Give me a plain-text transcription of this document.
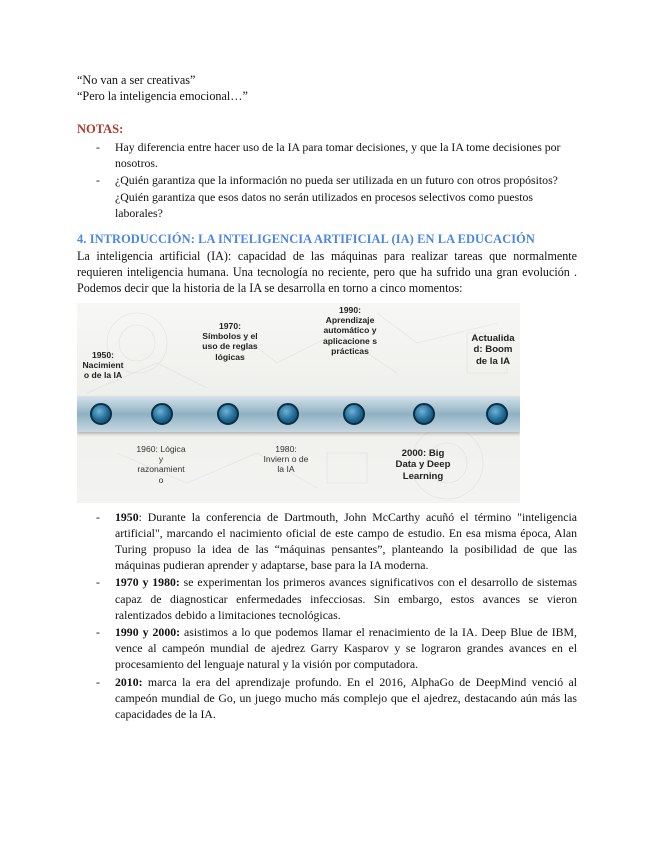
“No van a ser creativas”

“Pero la inteligencia emocional…”

NOTAS:
- Hay diferencia entre hacer uso de la IA para tomar decisiones, y que la IA tome decisiones por nosotros.
- ¿Quién garantiza que la información no pueda ser utilizada en un futuro con otros propósitos? ¿Quién garantiza que esos datos no serán utilizados en procesos selectivos como puestos laborales?
4. INTRODUCCIÓN: LA INTELIGENCIA ARTIFICIAL (IA) EN LA EDUCACIÓN

La inteligencia artificial (IA): capacidad de las máquinas para realizar tareas que normalmente requieren inteligencia humana. Una tecnología no reciente, pero que ha sufrido una gran evolución . Podemos decir que la historia de la IA se desarrolla en torno a cinco momentos:

1950: Nacimient o de la IA
1970: Símbolos y el uso de reglas lógicas
1990: Aprendizaje automático y aplicacione s prácticas
Actualida d: Boom de la IA
1960: Lógica y razonamient o
1980: Inviern o de la IA
2000: Big Data y Deep Learning
- 1950: Durante la conferencia de Dartmouth, John McCarthy acuñó el término "inteligencia artificial", marcando el nacimiento oficial de este campo de estudio. En esa misma época, Alan Turing propuso la idea de las “máquinas pensantes”, planteando la posibilidad de que las máquinas pudieran aprender y adaptarse, base para la IA moderna.
- 1970 y 1980: se experimentan los primeros avances significativos con el desarrollo de sistemas capaz de diagnosticar enfermedades infecciosas. Sin embargo, estos avances se vieron ralentizados debido a limitaciones tecnológicas.
- 1990 y 2000: asistimos a lo que podemos llamar el renacimiento de la IA. Deep Blue de IBM, vence al campeón mundial de ajedrez Garry Kasparov y se lograron grandes avances en el procesamiento del lenguaje natural y la visión por computadora.
- 2010: marca la era del aprendizaje profundo. En el 2016, AlphaGo de DeepMind venció al campeón mundial de Go, un juego mucho más complejo que el ajedrez, destacando aún más las capacidades de la IA.
